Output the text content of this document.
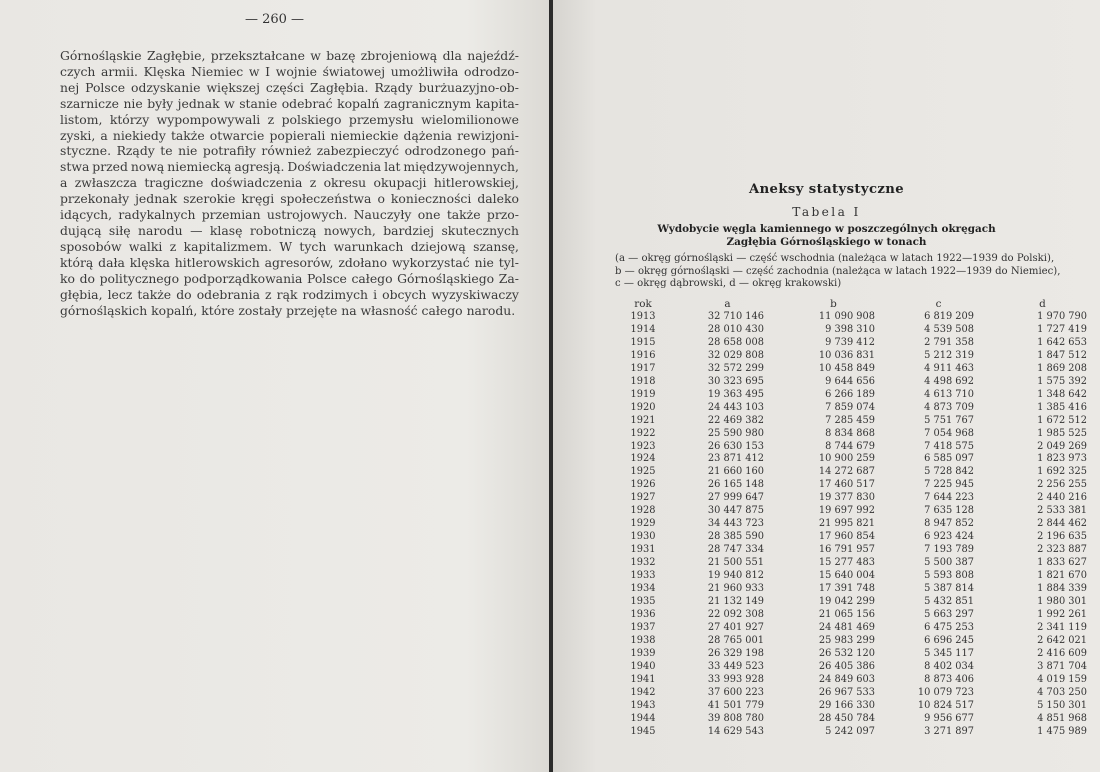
— 260 —
Górnośląskie Zagłębie, przekształcane w bazę zbrojeniową dla najeźdź-
czych armii. Klęska Niemiec w I wojnie światowej umożliwiła odrodzo-
nej Polsce odzyskanie większej części Zagłębia. Rządy burżuazyjno-ob-
szarnicze nie były jednak w stanie odebrać kopalń zagranicznym kapita-
listom, którzy wypompowywali z polskiego przemysłu wielomilionowe
zyski, a niekiedy także otwarcie popierali niemieckie dążenia rewizjoni-
styczne. Rządy te nie potrafiły również zabezpieczyć odrodzonego pań-
stwa przed nową niemiecką agresją. Doświadczenia lat międzywojennych,
a zwłaszcza tragiczne doświadczenia z okresu okupacji hitlerowskiej,
przekonały jednak szerokie kręgi społeczeństwa o konieczności daleko
idących, radykalnych przemian ustrojowych. Nauczyły one także przo-
dującą siłę narodu — klasę robotniczą nowych, bardziej skutecznych
sposobów walki z kapitalizmem. W tych warunkach dziejową szansę,
którą dała klęska hitlerowskich agresorów, zdołano wykorzystać nie tyl-
ko do politycznego podporządkowania Polsce całego Górnośląskiego Za-
głębia, lecz także do odebrania z rąk rodzimych i obcych wyzyskiwaczy
górnośląskich kopalń, które zostały przejęte na własność całego narodu.
Aneksy statystyczne
Tabela I
Wydobycie węgla kamiennego w poszczególnych okręgach
Zagłębia Górnośląskiego w tonach
(a — okręg górnośląski — część wschodnia (należąca w latach 1922—1939 do Polski),
b — okręg górnośląski — część zachodnia (należąca w latach 1922—1939 do Niemiec),
c — okręg dąbrowski, d — okręg krakowski)
rok	a	b	c	d
1913	32 710 146	11 090 908	6 819 209	1 970 790
1914	28 010 430	9 398 310	4 539 508	1 727 419
1915	28 658 008	9 739 412	2 791 358	1 642 653
1916	32 029 808	10 036 831	5 212 319	1 847 512
1917	32 572 299	10 458 849	4 911 463	1 869 208
1918	30 323 695	9 644 656	4 498 692	1 575 392
1919	19 363 495	6 266 189	4 613 710	1 348 642
1920	24 443 103	7 859 074	4 873 709	1 385 416
1921	22 469 382	7 285 459	5 751 767	1 672 512
1922	25 590 980	8 834 868	7 054 968	1 985 525
1923	26 630 153	8 744 679	7 418 575	2 049 269
1924	23 871 412	10 900 259	6 585 097	1 823 973
1925	21 660 160	14 272 687	5 728 842	1 692 325
1926	26 165 148	17 460 517	7 225 945	2 256 255
1927	27 999 647	19 377 830	7 644 223	2 440 216
1928	30 447 875	19 697 992	7 635 128	2 533 381
1929	34 443 723	21 995 821	8 947 852	2 844 462
1930	28 385 590	17 960 854	6 923 424	2 196 635
1931	28 747 334	16 791 957	7 193 789	2 323 887
1932	21 500 551	15 277 483	5 500 387	1 833 627
1933	19 940 812	15 640 004	5 593 808	1 821 670
1934	21 960 933	17 391 748	5 387 814	1 884 339
1935	21 132 149	19 042 299	5 432 851	1 980 301
1936	22 092 308	21 065 156	5 663 297	1 992 261
1937	27 401 927	24 481 469	6 475 253	2 341 119
1938	28 765 001	25 983 299	6 696 245	2 642 021
1939	26 329 198	26 532 120	5 345 117	2 416 609
1940	33 449 523	26 405 386	8 402 034	3 871 704
1941	33 993 928	24 849 603	8 873 406	4 019 159
1942	37 600 223	26 967 533	10 079 723	4 703 250
1943	41 501 779	29 166 330	10 824 517	5 150 301
1944	39 808 780	28 450 784	9 956 677	4 851 968
1945	14 629 543	5 242 097	3 271 897	1 475 989
